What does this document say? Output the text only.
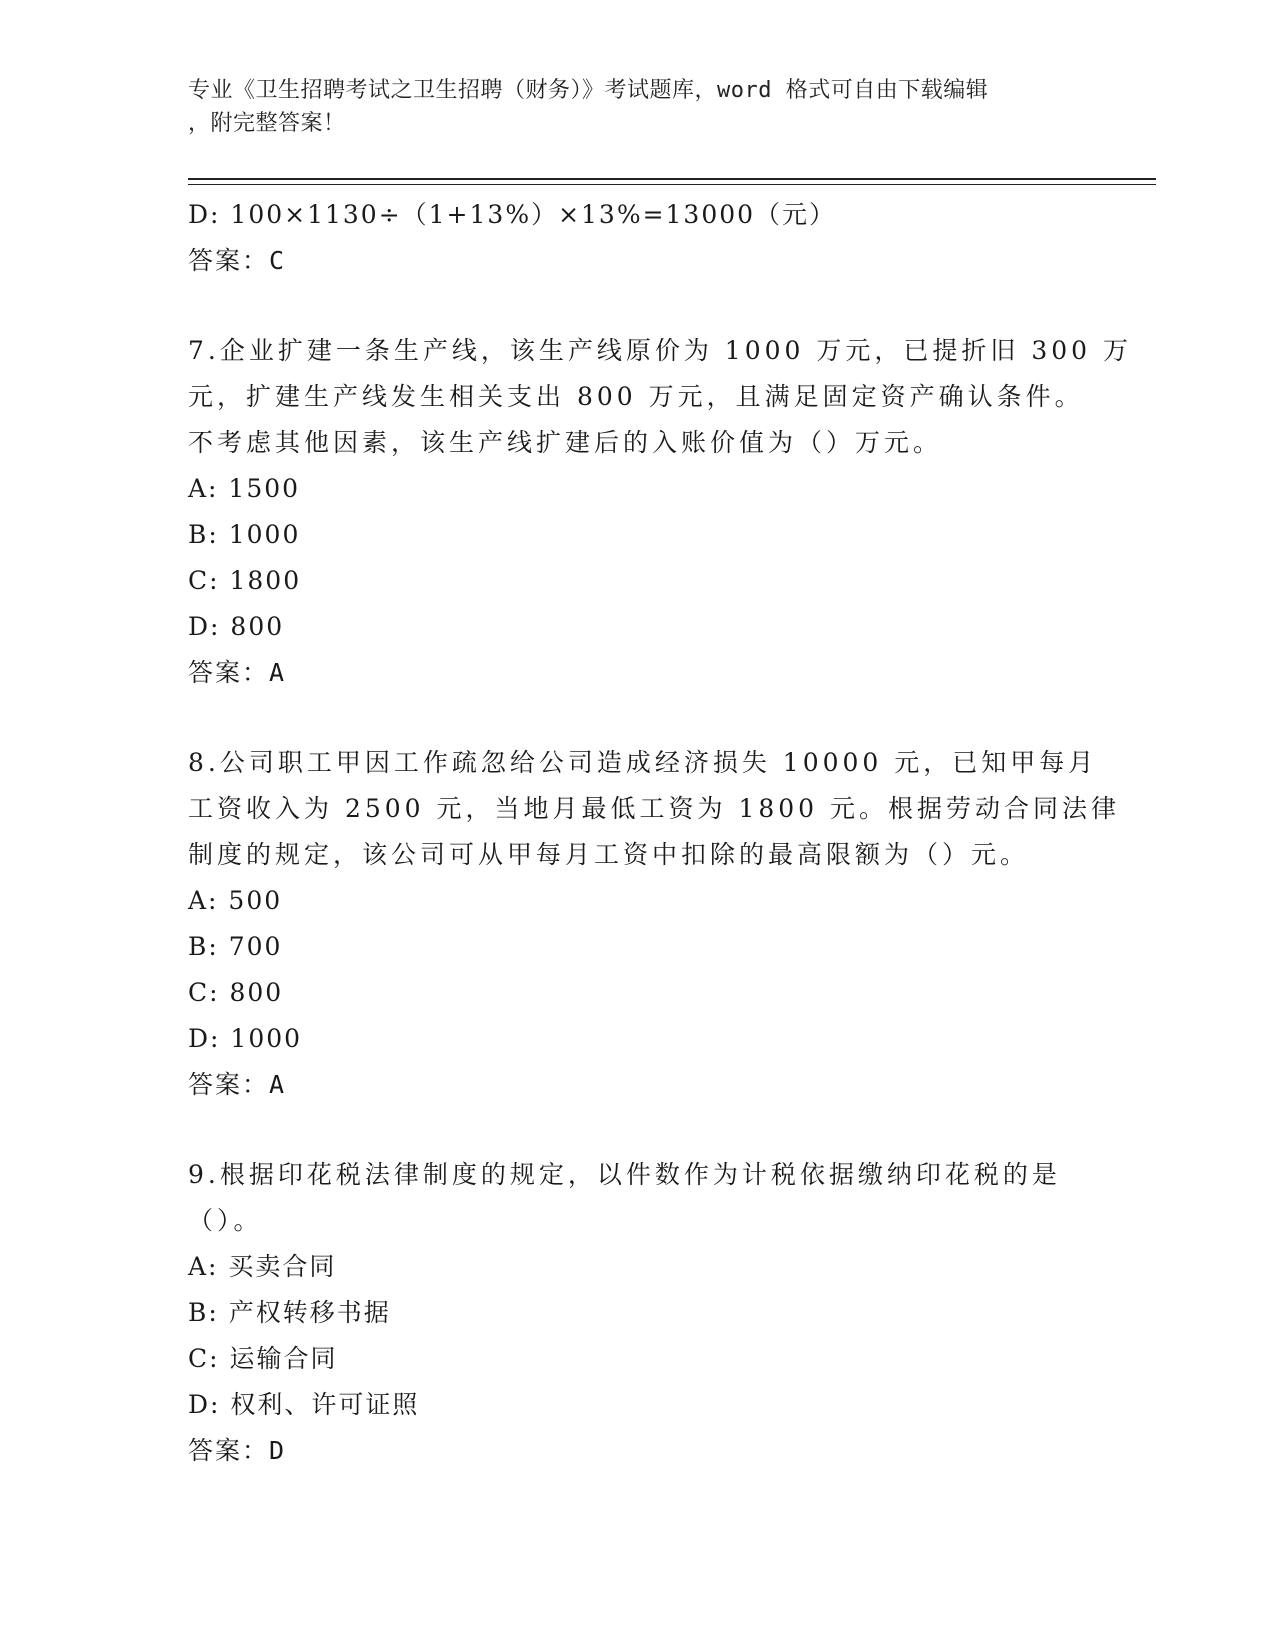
专业《卫生招聘考试之卫生招聘（财务）》考试题库，word 格式可自由下载编辑
，附完整答案！
D: 100×1130÷（1+13%）×13%=13000（元）
答案：C
7.企业扩建一条生产线，该生产线原价为 1000 万元，已提折旧 300 万
元，扩建生产线发生相关支出 800 万元，且满足固定资产确认条件。
不考虑其他因素，该生产线扩建后的入账价值为（）万元。
A: 1500
B: 1000
C: 1800
D: 800
答案：A
8.公司职工甲因工作疏忽给公司造成经济损失 10000 元，已知甲每月
工资收入为 2500 元，当地月最低工资为 1800 元。根据劳动合同法律
制度的规定，该公司可从甲每月工资中扣除的最高限额为（）元。
A: 500
B: 700
C: 800
D: 1000
答案：A
9.根据印花税法律制度的规定，以件数作为计税依据缴纳印花税的是
（）。
A: 买卖合同
B: 产权转移书据
C: 运输合同
D: 权利、许可证照
答案：D
